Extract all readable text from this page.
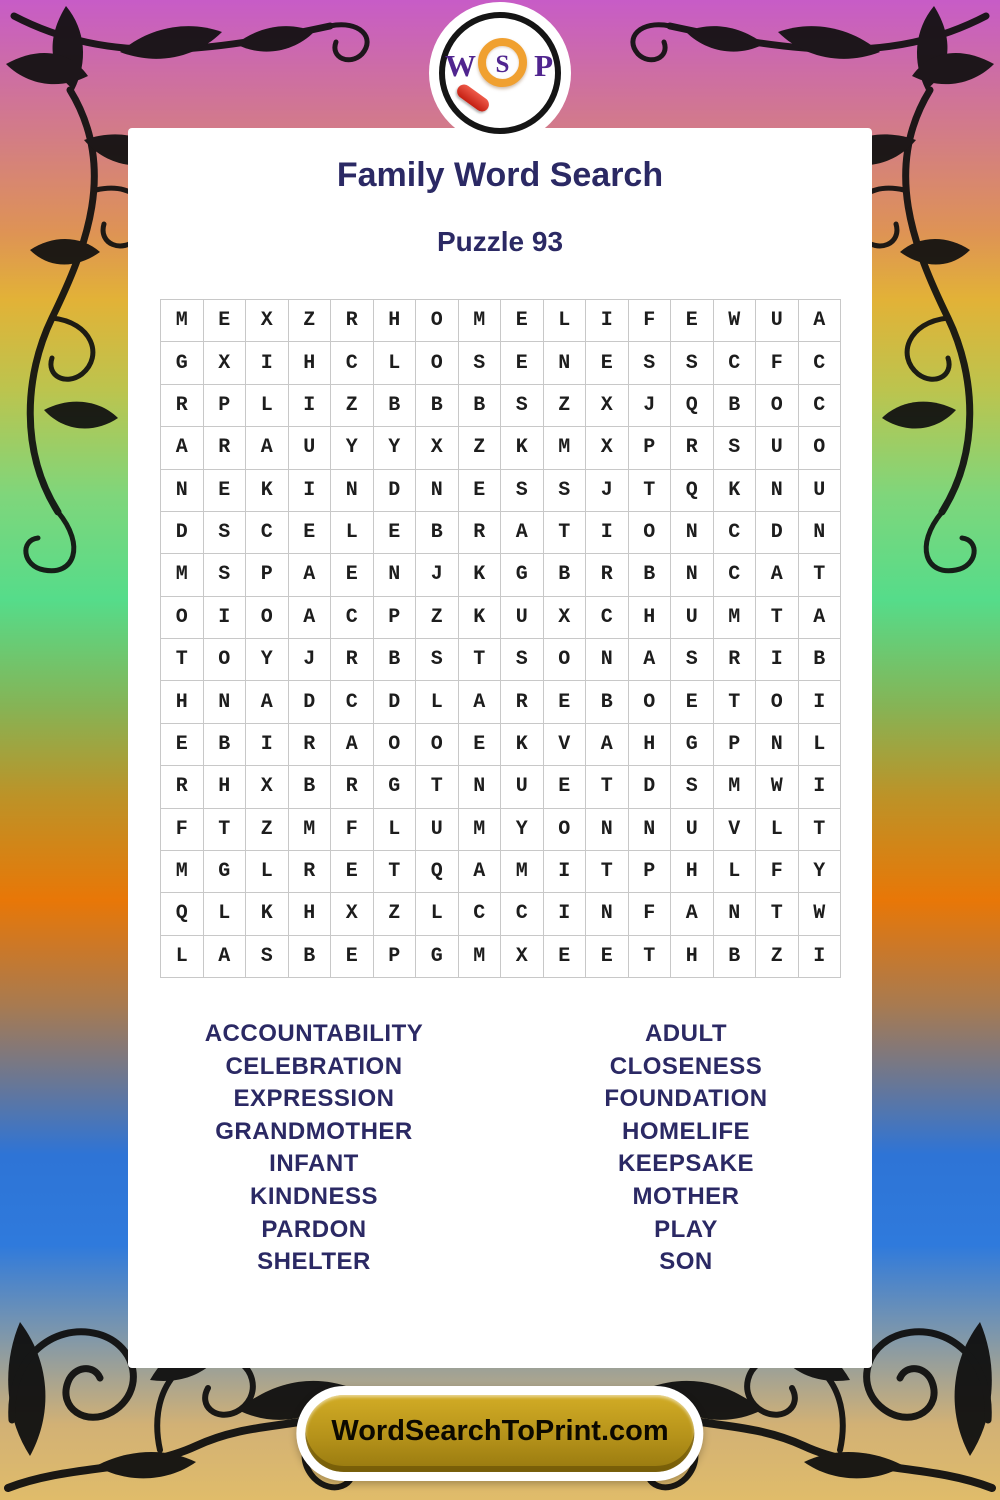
W S P
Family Word Search
Puzzle 93
M	E	X	Z	R	H	O	M	E	L	I	F	E	W	U	A
G	X	I	H	C	L	O	S	E	N	E	S	S	C	F	C
R	P	L	I	Z	B	B	B	S	Z	X	J	Q	B	O	C
A	R	A	U	Y	Y	X	Z	K	M	X	P	R	S	U	O
N	E	K	I	N	D	N	E	S	S	J	T	Q	K	N	U
D	S	C	E	L	E	B	R	A	T	I	O	N	C	D	N
M	S	P	A	E	N	J	K	G	B	R	B	N	C	A	T
O	I	O	A	C	P	Z	K	U	X	C	H	U	M	T	A
T	O	Y	J	R	B	S	T	S	O	N	A	S	R	I	B
H	N	A	D	C	D	L	A	R	E	B	O	E	T	O	I
E	B	I	R	A	O	O	E	K	V	A	H	G	P	N	L
R	H	X	B	R	G	T	N	U	E	T	D	S	M	W	I
F	T	Z	M	F	L	U	M	Y	O	N	N	U	V	L	T
M	G	L	R	E	T	Q	A	M	I	T	P	H	L	F	Y
Q	L	K	H	X	Z	L	C	C	I	N	F	A	N	T	W
L	A	S	B	E	P	G	M	X	E	E	T	H	B	Z	I
ACCOUNTABILITY
CELEBRATION
EXPRESSION
GRANDMOTHER
INFANT
KINDNESS
PARDON
SHELTER
ADULT
CLOSENESS
FOUNDATION
HOMELIFE
KEEPSAKE
MOTHER
PLAY
SON
WordSearchToPrint.com
